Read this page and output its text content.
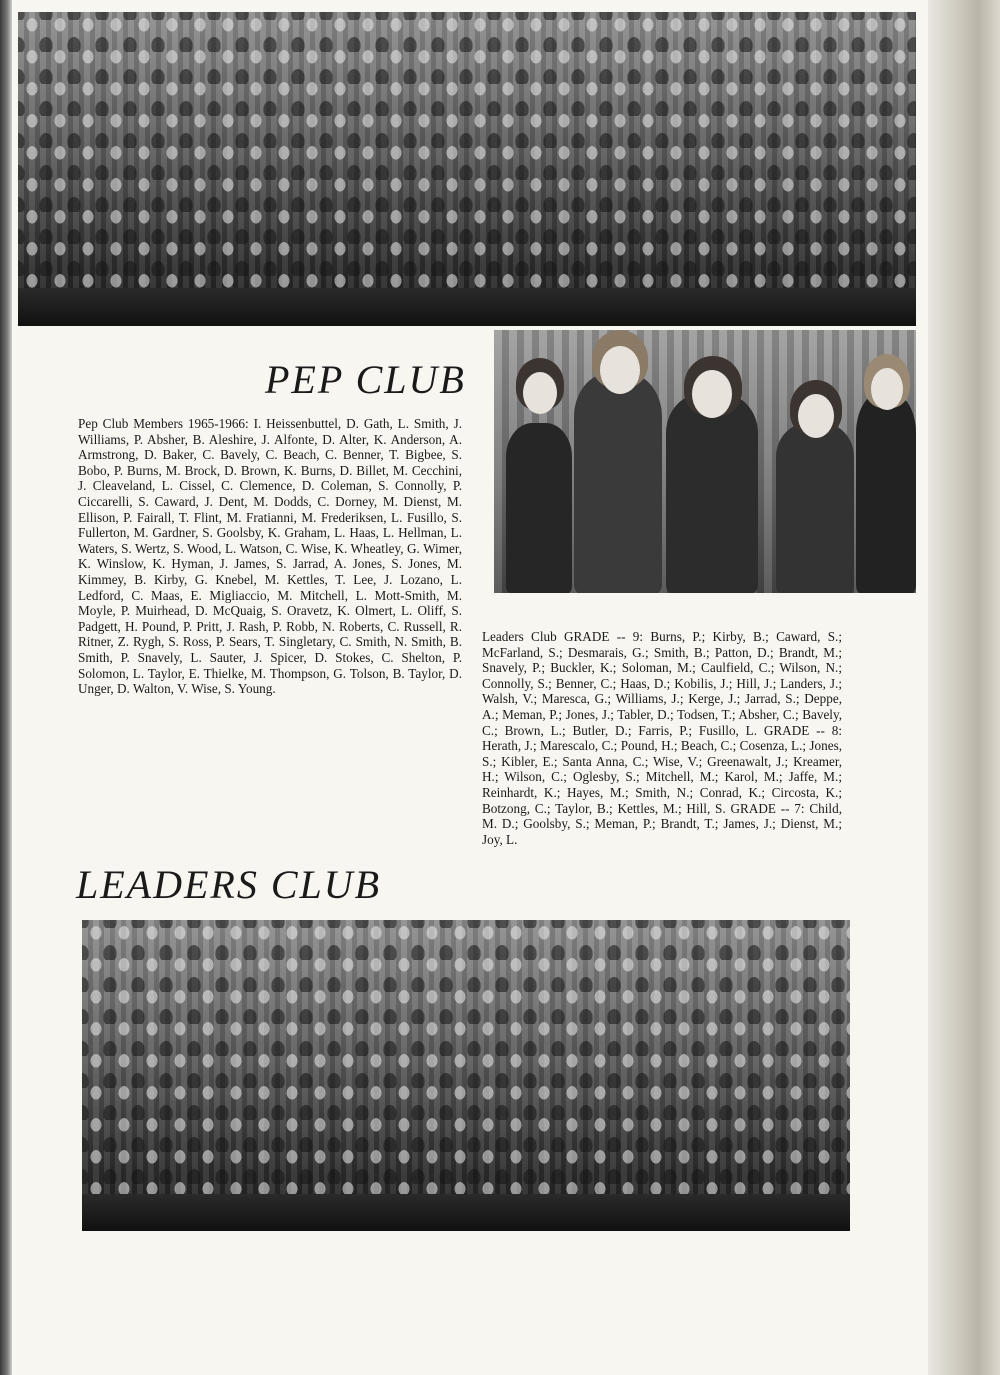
PEP CLUB

Pep Club Members 1965-1966: I. Heissenbuttel, D. Gath, L. Smith, J. Williams, P. Absher, B. Aleshire, J. Alfonte, D. Alter, K. Anderson, A. Armstrong, D. Baker, C. Bavely, C. Beach, C. Benner, T. Bigbee, S. Bobo, P. Burns, M. Brock, D. Brown, K. Burns, D. Billet, M. Cecchini, J. Cleaveland, L. Cissel, C. Clemence, D. Coleman, S. Connolly, P. Ciccarelli, S. Caward, J. Dent, M. Dodds, C. Dorney, M. Dienst, M. Ellison, P. Fairall, T. Flint, M. Fratianni, M. Frederiksen, L. Fusillo, S. Fullerton, M. Gardner, S. Goolsby, K. Graham, L. Haas, L. Hellman, L. Waters, S. Wertz, S. Wood, L. Watson, C. Wise, K. Wheatley, G. Wimer, K. Winslow, K. Hyman, J. James, S. Jarrad, A. Jones, S. Jones, M. Kimmey, B. Kirby, G. Knebel, M. Kettles, T. Lee, J. Lozano, L. Ledford, C. Maas, E. Migliaccio, M. Mitchell, L. Mott-Smith, M. Moyle, P. Muirhead, D. McQuaig, S. Oravetz, K. Olmert, L. Oliff, S. Padgett, H. Pound, P. Pritt, J. Rash, P. Robb, N. Roberts, C. Russell, R. Ritner, Z. Rygh, S. Ross, P. Sears, T. Singletary, C. Smith, N. Smith, B. Smith, P. Snavely, L. Sauter, J. Spicer, D. Stokes, C. Shelton, P. Solomon, L. Taylor, E. Thielke, M. Thompson, G. Tolson, B. Taylor, D. Unger, D. Walton, V. Wise, S. Young.

Leaders Club GRADE -- 9: Burns, P.; Kirby, B.; Caward, S.; McFarland, S.; Desmarais, G.; Smith, B.; Patton, D.; Brandt, M.; Snavely, P.; Buckler, K.; Soloman, M.; Caulfield, C.; Wilson, N.; Connolly, S.; Benner, C.; Haas, D.; Kobilis, J.; Hill, J.; Landers, J.; Walsh, V.; Maresca, G.; Williams, J.; Kerge, J.; Jarrad, S.; Deppe, A.; Meman, P.; Jones, J.; Tabler, D.; Todsen, T.; Absher, C.; Bavely, C.; Brown, L.; Butler, D.; Farris, P.; Fusillo, L. GRADE -- 8: Herath, J.; Marescalo, C.; Pound, H.; Beach, C.; Cosenza, L.; Jones, S.; Kibler, E.; Santa Anna, C.; Wise, V.; Greenawalt, J.; Kreamer, H.; Wilson, C.; Oglesby, S.; Mitchell, M.; Karol, M.; Jaffe, M.; Reinhardt, K.; Hayes, M.; Smith, N.; Conrad, K.; Circosta, K.; Botzong, C.; Taylor, B.; Kettles, M.; Hill, S. GRADE -- 7: Child, M. D.; Goolsby, S.; Meman, P.; Brandt, T.; James, J.; Dienst, M.; Joy, L.

LEADERS CLUB
